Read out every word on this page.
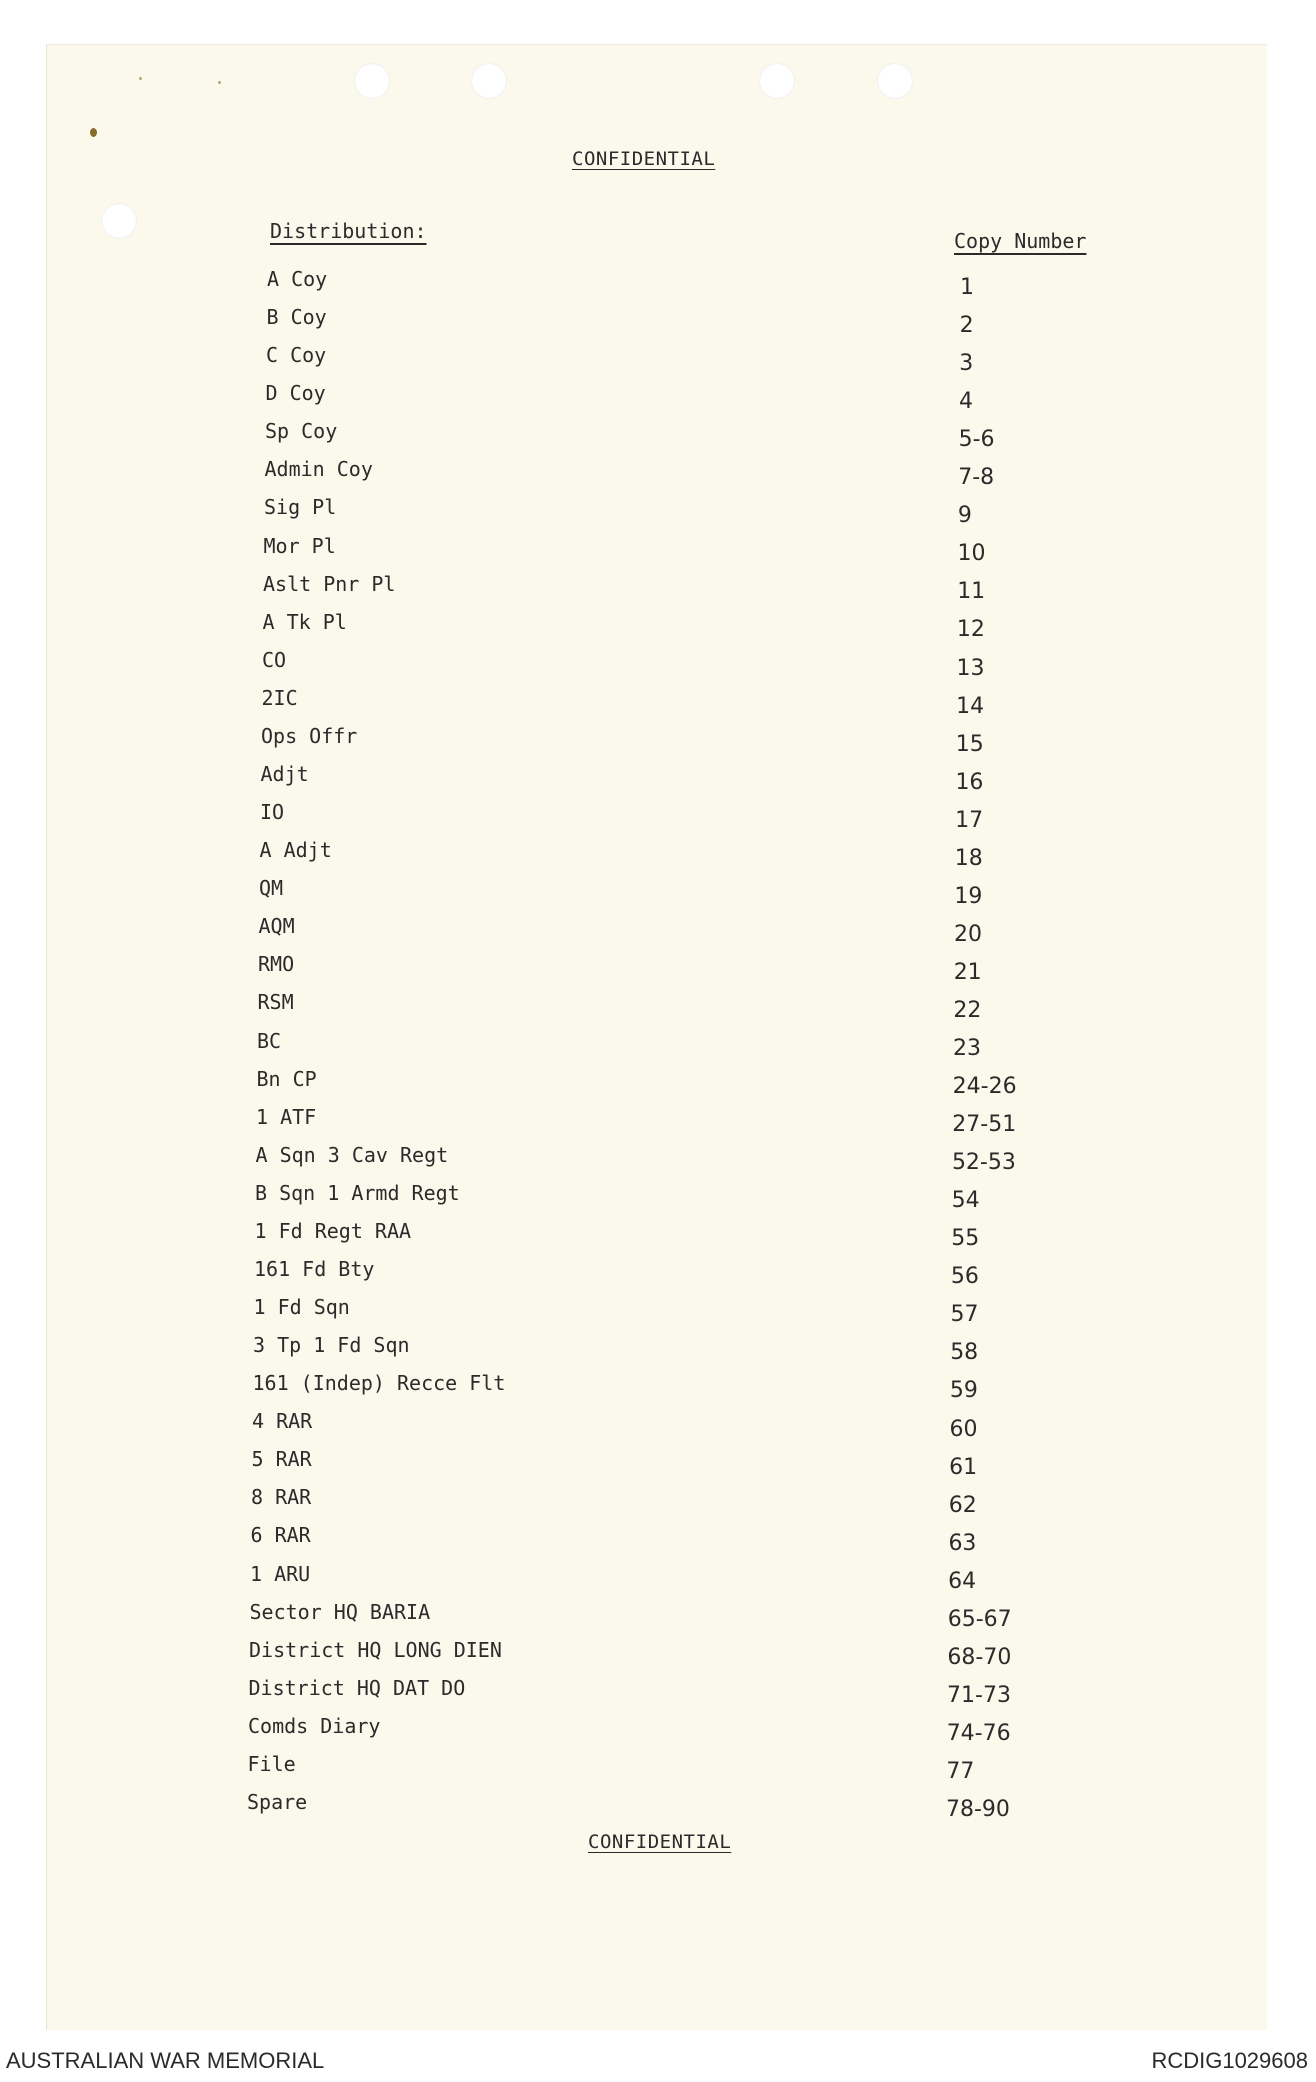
CONFIDENTIAL
Distribution:	Copy Number
A Coy	1
B Coy	2
C Coy	3
D Coy	4
Sp Coy	5-6
Admin Coy	7-8
Sig Pl	9
Mor Pl	10
Aslt Pnr Pl	11
A Tk Pl	12
CO	13
2IC	14
Ops Offr	15
Adjt	16
IO	17
A Adjt	18
QM	19
AQM	20
RMO	21
RSM	22
BC	23
Bn CP	24-26
1 ATF	27-51
A Sqn 3 Cav Regt	52-53
B Sqn 1 Armd Regt	54
1 Fd Regt RAA	55
161 Fd Bty	56
1 Fd Sqn	57
3 Tp 1 Fd Sqn	58
161 (Indep) Recce Flt	59
4 RAR	60
5 RAR	61
8 RAR	62
6 RAR	63
1 ARU	64
Sector HQ BARIA	65-67
District HQ LONG DIEN	68-70
District HQ DAT DO	71-73
Comds Diary	74-76
File	77
Spare	78-90
CONFIDENTIAL
AUSTRALIAN WAR MEMORIAL	RCDIG1029608
